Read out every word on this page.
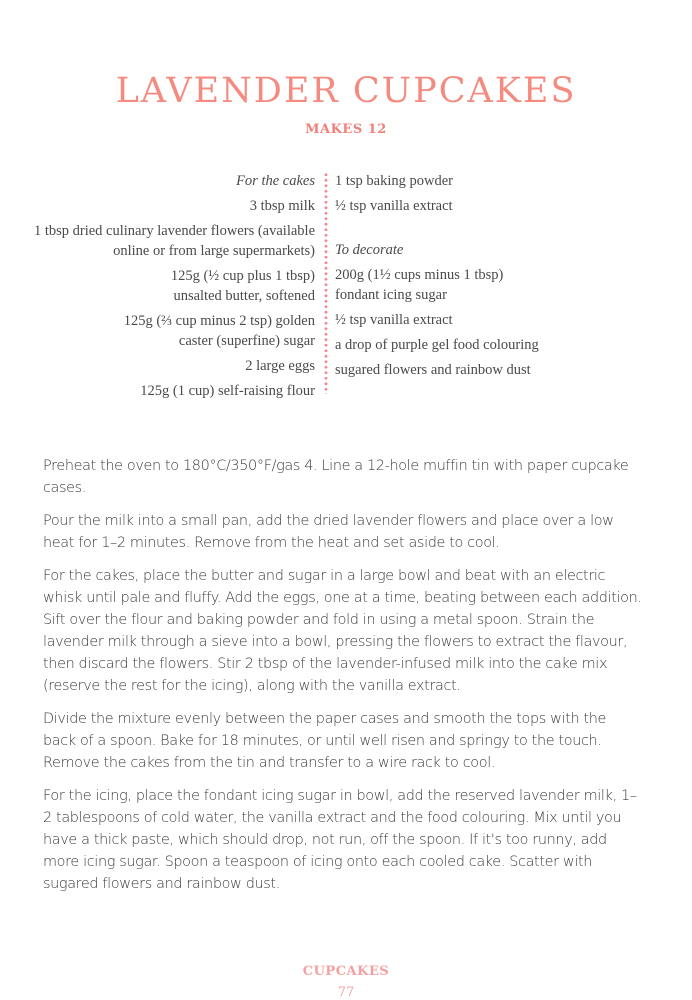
LAVENDER CUPCAKES
MAKES 12
For the cakes
3 tbsp milk
1 tbsp dried culinary lavender flowers (available online or from large supermarkets)
125g (½ cup plus 1 tbsp) unsalted butter, softened
125g (⅔ cup minus 2 tsp) golden caster (superfine) sugar
2 large eggs
125g (1 cup) self-raising flour
1 tsp baking powder
½ tsp vanilla extract
To decorate
200g (1½ cups minus 1 tbsp) fondant icing sugar
½ tsp vanilla extract
a drop of purple gel food colouring
sugared flowers and rainbow dust

Preheat the oven to 180°C/350°F/gas 4. Line a 12-hole muffin tin with paper cupcake cases.

Pour the milk into a small pan, add the dried lavender flowers and place over a low heat for 1–2 minutes. Remove from the heat and set aside to cool.

For the cakes, place the butter and sugar in a large bowl and beat with an electric whisk until pale and fluffy. Add the eggs, one at a time, beating between each addition. Sift over the flour and baking powder and fold in using a metal spoon. Strain the lavender milk through a sieve into a bowl, pressing the flowers to extract the flavour, then discard the flowers. Stir 2 tbsp of the lavender-infused milk into the cake mix (reserve the rest for the icing), along with the vanilla extract.

Divide the mixture evenly between the paper cases and smooth the tops with the back of a spoon. Bake for 18 minutes, or until well risen and springy to the touch. Remove the cakes from the tin and transfer to a wire rack to cool.

For the icing, place the fondant icing sugar in bowl, add the reserved lavender milk, 1–2 tablespoons of cold water, the vanilla extract and the food colouring. Mix until you have a thick paste, which should drop, not run, off the spoon. If it's too runny, add more icing sugar. Spoon a teaspoon of icing onto each cooled cake. Scatter with sugared flowers and rainbow dust.

CUPCAKES
77
